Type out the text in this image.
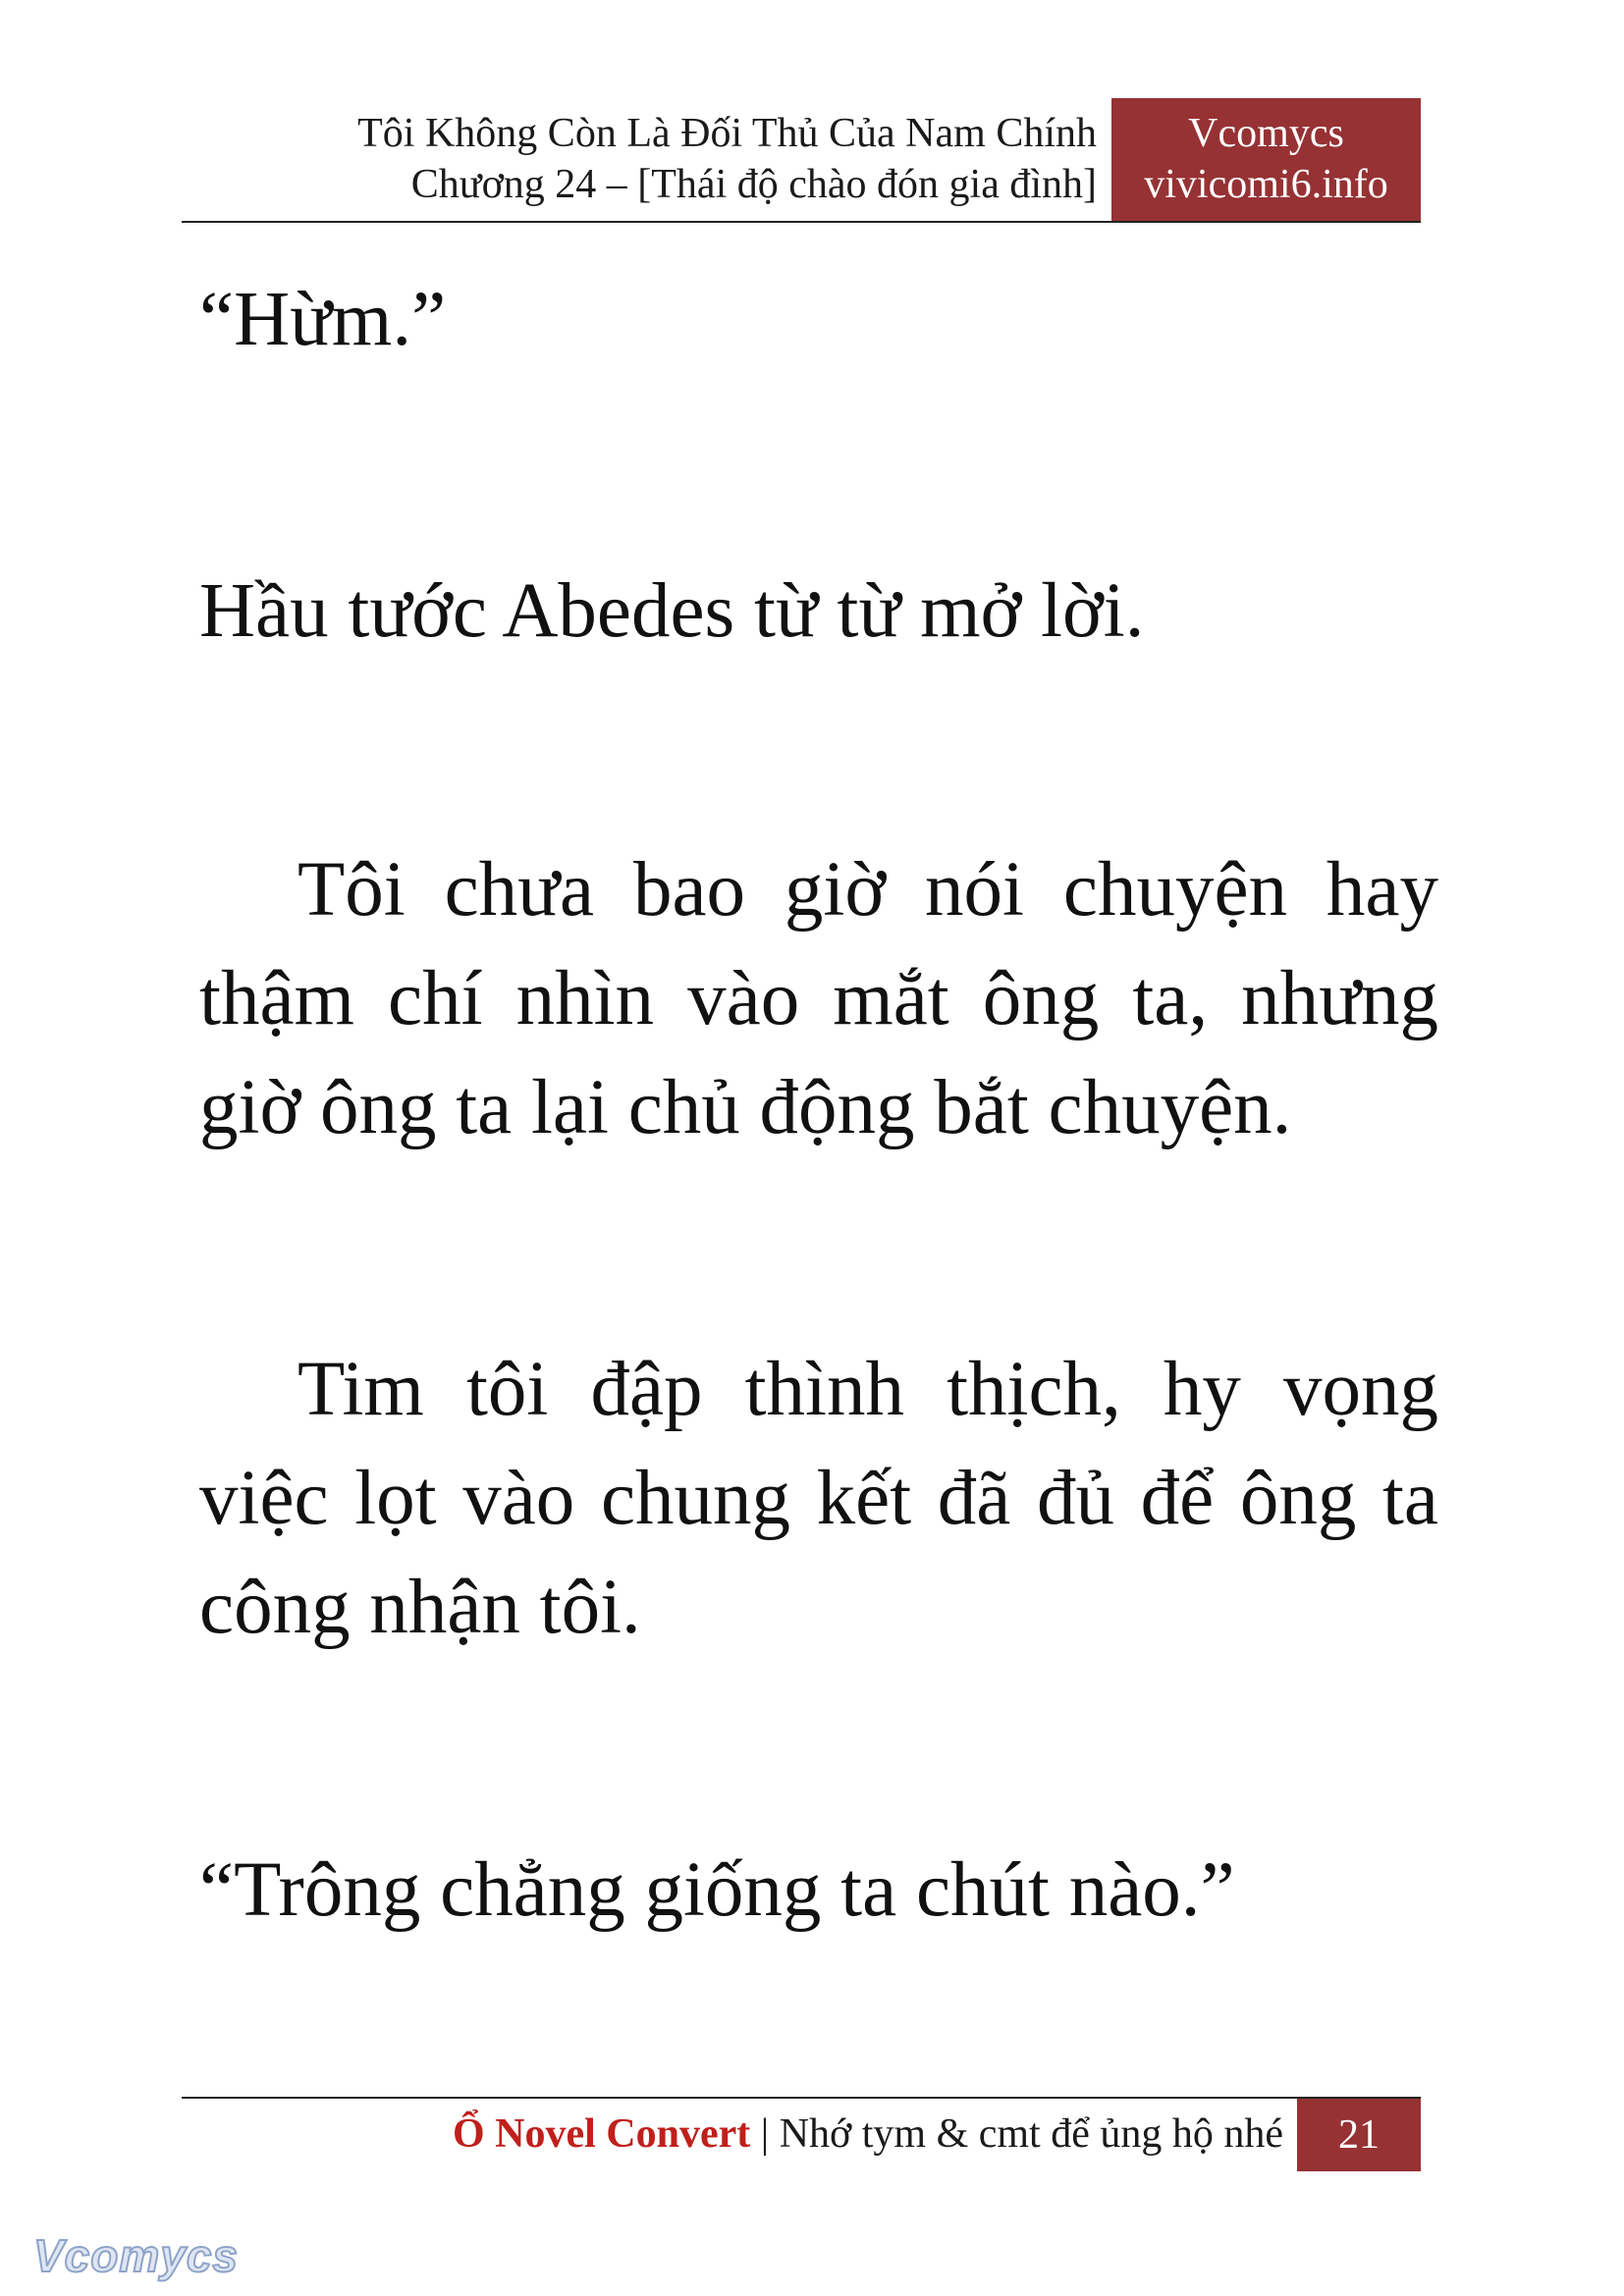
Tôi Không Còn Là Đối Thủ Của Nam Chính
Chương 24 – [Thái độ chào đón gia đình]
Vcomycs
vivicomi6.info

“Hừm.”

Hầu tước Abedes từ từ mở lời.

Tôi chưa bao giờ nói chuyện hay thậm chí nhìn vào mắt ông ta, nhưng giờ ông ta lại chủ động bắt chuyện.

Tim tôi đập thình thịch, hy vọng việc lọt vào chung kết đã đủ để ông ta công nhận tôi.

“Trông chẳng giống ta chút nào.”

Ổ Novel Convert | Nhớ tym & cmt để ủng hộ nhé	21
Vcomycs
